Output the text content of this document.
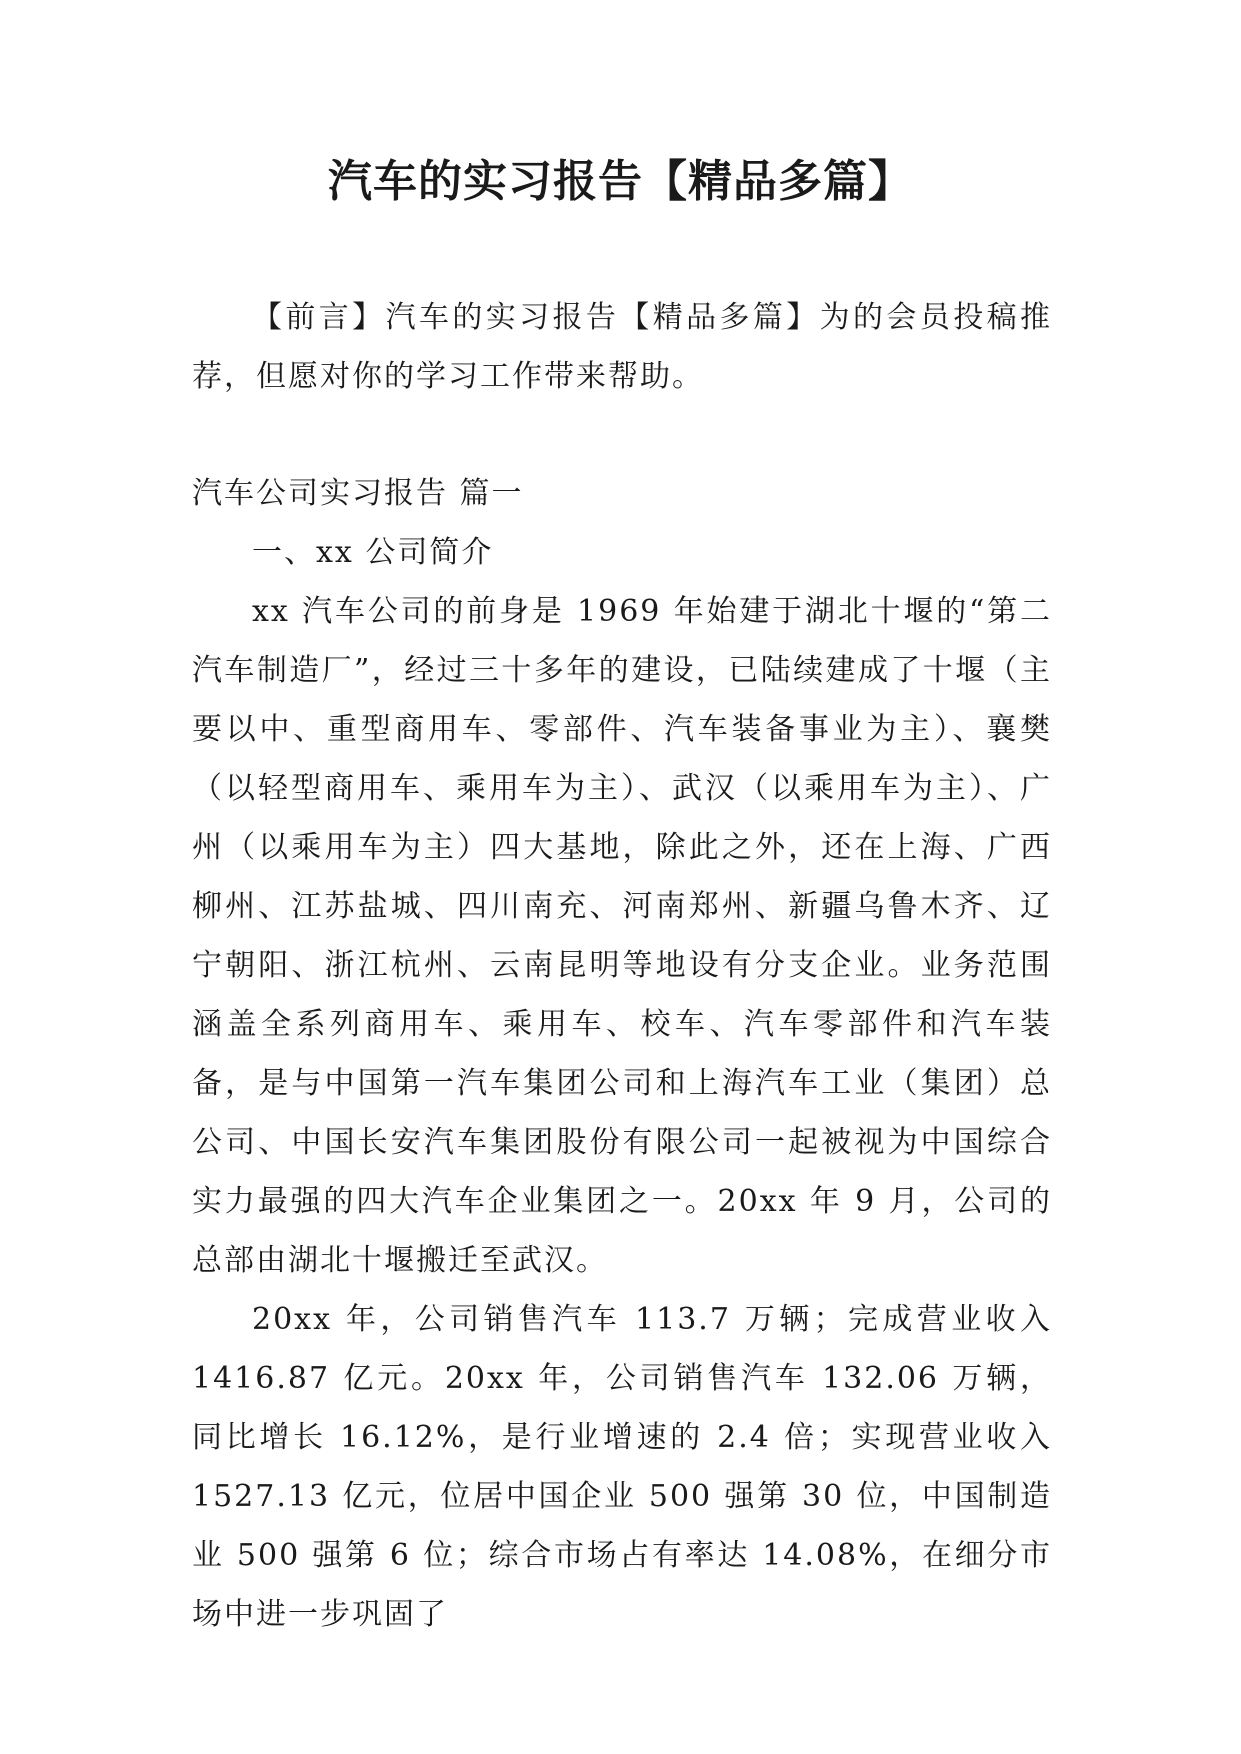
汽车的实习报告【精品多篇】

【前言】汽车的实习报告【精品多篇】为的会员投稿推荐，但愿对你的学习工作带来帮助。

汽车公司实习报告 篇一

一、xx 公司简介

xx 汽车公司的前身是 1969 年始建于湖北十堰的“第二汽车制造厂”，经过三十多年的建设，已陆续建成了十堰（主要以中、重型商用车、零部件、汽车装备事业为主）、襄樊（以轻型商用车、乘用车为主）、武汉（以乘用车为主）、广州（以乘用车为主）四大基地，除此之外，还在上海、广西柳州、江苏盐城、四川南充、河南郑州、新疆乌鲁木齐、辽宁朝阳、浙江杭州、云南昆明等地设有分支企业。业务范围涵盖全系列商用车、乘用车、校车、汽车零部件和汽车装备，是与中国第一汽车集团公司和上海汽车工业（集团）总公司、中国长安汽车集团股份有限公司一起被视为中国综合实力最强的四大汽车企业集团之一。20xx 年 9 月，公司的总部由湖北十堰搬迁至武汉。

20xx 年，公司销售汽车 113.7 万辆；完成营业收入 1416.87 亿元。20xx 年，公司销售汽车 132.06 万辆，同比增长 16.12%，是行业增速的 2.4 倍；实现营业收入 1527.13 亿元，位居中国企业 500 强第 30 位，中国制造业 500 强第 6 位；综合市场占有率达 14.08%，在细分市场中进一步巩固了
